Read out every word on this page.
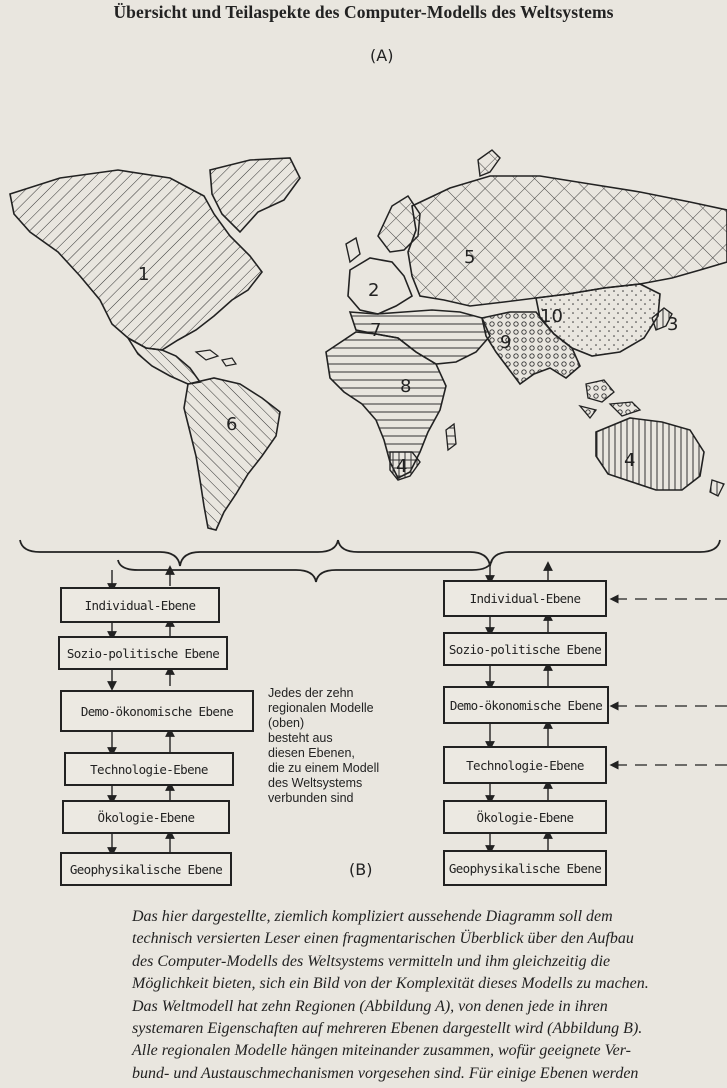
Übersicht und Teilaspekte des Computer-Modells des Weltsystems
(A)
1
2
3
4	4
5
6
7
8
9
10
Individual-Ebene
Sozio-politische Ebene
Demo-ökonomische Ebene
Technologie-Ebene
Ökologie-Ebene
Geophysikalische Ebene
Individual-Ebene
Sozio-politische Ebene
Demo-ökonomische Ebene
Technologie-Ebene
Ökologie-Ebene
Geophysikalische Ebene
Jedes der zehn
regionalen Modelle
(oben)
besteht aus
diesen Ebenen,
die zu einem Modell
des Weltsystems
verbunden sind
(B)
Das hier dargestellte, ziemlich kompliziert aussehende Diagramm soll dem
technisch versierten Leser einen fragmentarischen Überblick über den Aufbau
des Computer-Modells des Weltsystems vermitteln und ihm gleichzeitig die
Möglichkeit bieten, sich ein Bild von der Komplexität dieses Modells zu machen.
Das Weltmodell hat zehn Regionen (Abbildung A), von denen jede in ihren
systemaren Eigenschaften auf mehreren Ebenen dargestellt wird (Abbildung B).
Alle regionalen Modelle hängen miteinander zusammen, wofür geeignete Ver-
bund- und Austauschmechanismen vorgesehen sind. Für einige Ebenen werden
